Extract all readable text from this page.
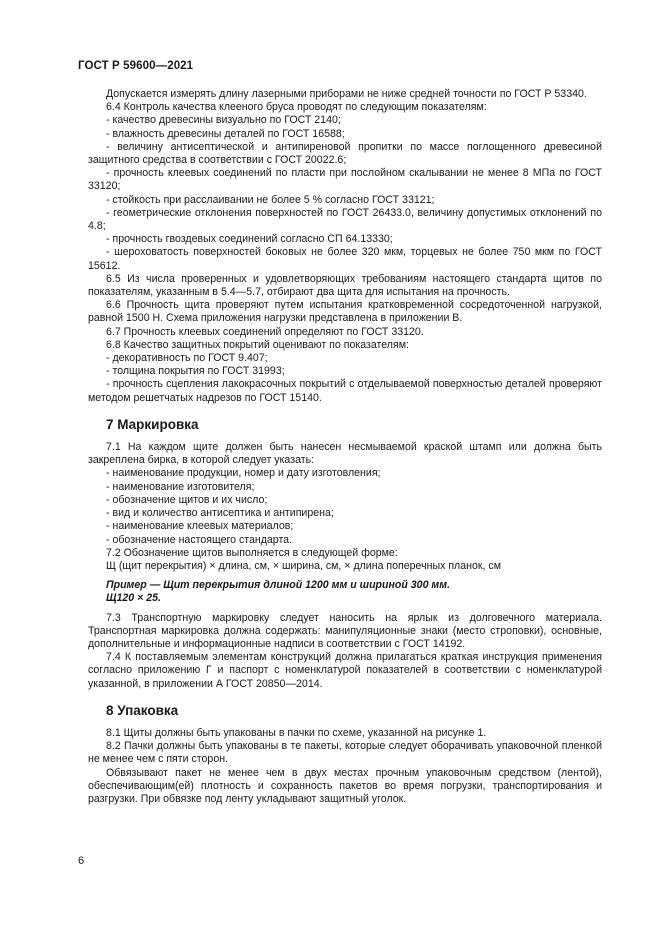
ГОСТ Р 59600—2021

Допускается измерять длину лазерными приборами не ниже средней точности по ГОСТ Р 53340.

6.4 Контроль качества клееного бруса проводят по следующим показателям:

- качество древесины визуально по ГОСТ 2140;

- влажность древесины деталей по ГОСТ 16588;

- величину антисептической и антипиреновой пропитки по массе поглощенного древесиной защитного средства в соответствии с ГОСТ 20022.6;

- прочность клеевых соединений по пласти при послойном скалывании не менее 8 МПа по ГОСТ 33120;

- стойкость при расслаивании не более 5 % согласно ГОСТ 33121;

- геометрические отклонения поверхностей по ГОСТ 26433.0, величину допустимых отклонений по 4.8;

- прочность гвоздевых соединений согласно СП 64.13330;

- шероховатость поверхностей боковых не более 320 мкм, торцевых не более 750 мкм по ГОСТ 15612.

6.5 Из числа проверенных и удовлетворяющих требованиям настоящего стандарта щитов по показателям, указанным в 5.4—5.7, отбирают два щита для испытания на прочность.

6.6 Прочность щита проверяют путем испытания кратковременной сосредоточенной нагрузкой, равной 1500 Н. Схема приложения нагрузки представлена в приложении В.

6.7 Прочность клеевых соединений определяют по ГОСТ 33120.

6.8 Качество защитных покрытий оценивают по показателям:

- декоративность по ГОСТ 9.407;

- толщина покрытия по ГОСТ 31993;

- прочность сцепления лакокрасочных покрытий с отделываемой поверхностью деталей проверяют методом решетчатых надрезов по ГОСТ 15140.

7 Маркировка

7.1 На каждом щите должен быть нанесен несмываемой краской штамп или должна быть закреплена бирка, в которой следует указать:

- наименование продукции, номер и дату изготовления;

- наименование изготовителя;

- обозначение щитов и их число;

- вид и количество антисептика и антипирена;

- наименование клеевых материалов;

- обозначение настоящего стандарта.

7.2 Обозначение щитов выполняется в следующей форме:

Щ (щит перекрытия) × длина, см, × ширина, см, × длина поперечных планок, см

Пример — Щит перекрытия длиной 1200 мм и шириной 300 мм.

Щ120 × 25.

7.3 Транспортную маркировку следует наносить на ярлык из долговечного материала. Транспортная маркировка должна содержать: манипуляционные знаки (место строповки), основные, дополнительные и информационные надписи в соответствии с ГОСТ 14192.

7.4 К поставляемым элементам конструкций должна прилагаться краткая инструкция применения согласно приложению Г и паспорт с номенклатурой показателей в соответствии с номенклатурой указанной, в приложении А ГОСТ 20850—2014.

8 Упаковка

8.1 Щиты должны быть упакованы в пачки по схеме, указанной на рисунке 1.

8.2 Пачки должны быть упакованы в те пакеты, которые следует оборачивать упаковочной пленкой не менее чем с пяти сторон.

Обвязывают пакет не менее чем в двух местах прочным упаковочным средством (лентой), обеспечивающим(ей) плотность и сохранность пакетов во время погрузки, транспортирования и разгрузки. При обвязке под ленту укладывают защитный уголок.

6
